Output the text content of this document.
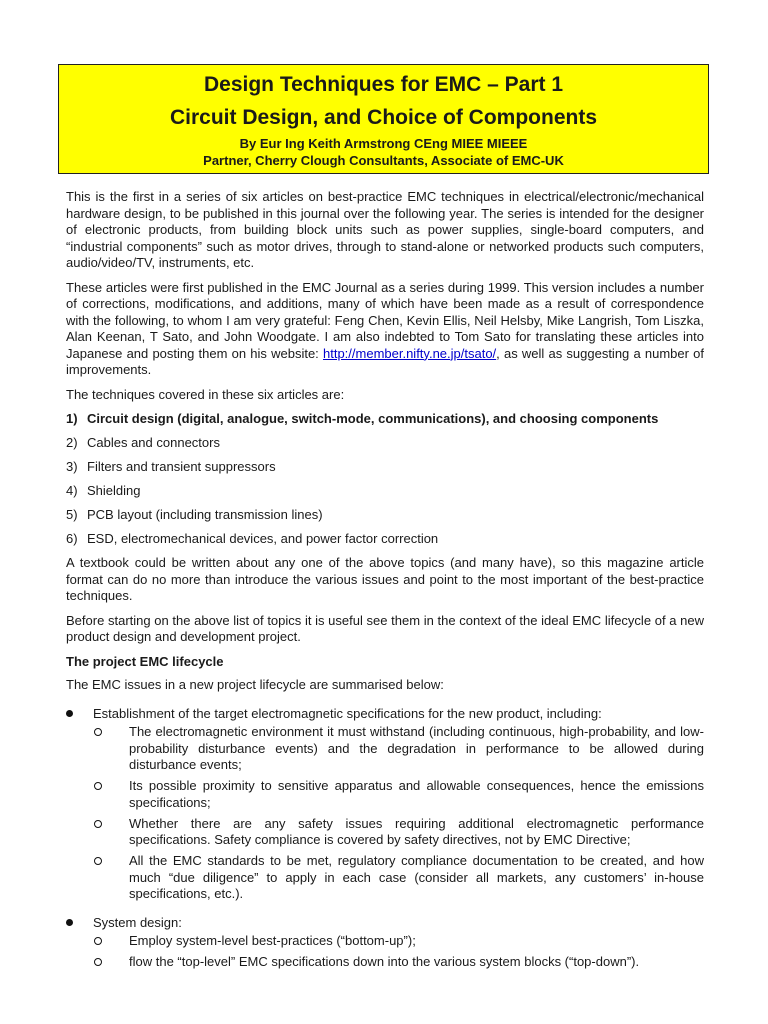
Design Techniques for EMC – Part 1
Circuit Design, and Choice of Components
By Eur Ing Keith Armstrong CEng MIEE MIEEE
Partner, Cherry Clough Consultants, Associate of EMC-UK

This is the first in a series of six articles on best-practice EMC techniques in electrical/electronic/mechanical hardware design, to be published in this journal over the following year. The series is intended for the designer of electronic products, from building block units such as power supplies, single-board computers, and “industrial components” such as motor drives, through to stand-alone or networked products such computers, audio/video/TV, instruments, etc.

These articles were first published in the EMC Journal as a series during 1999. This version includes a number of corrections, modifications, and additions, many of which have been made as a result of correspondence with the following, to whom I am very grateful: Feng Chen, Kevin Ellis, Neil Helsby, Mike Langrish, Tom Liszka, Alan Keenan, T Sato, and John Woodgate. I am also indebted to Tom Sato for translating these articles into Japanese and posting them on his website: http://member.nifty.ne.jp/tsato/, as well as suggesting a number of improvements.

The techniques covered in these six articles are:

1) Circuit design (digital, analogue, switch-mode, communications), and choosing components
2) Cables and connectors
3) Filters and transient suppressors
4) Shielding
5) PCB layout (including transmission lines)
6) ESD, electromechanical devices, and power factor correction

A textbook could be written about any one of the above topics (and many have), so this magazine article format can do no more than introduce the various issues and point to the most important of the best-practice techniques.

Before starting on the above list of topics it is useful see them in the context of the ideal EMC lifecycle of a new product design and development project.

The project EMC lifecycle

The EMC issues in a new project lifecycle are summarised below:

Establishment of the target electromagnetic specifications for the new product, including:
The electromagnetic environment it must withstand (including continuous, high-probability, and low-probability disturbance events) and the degradation in performance to be allowed during disturbance events;
Its possible proximity to sensitive apparatus and allowable consequences, hence the emissions specifications;
Whether there are any safety issues requiring additional electromagnetic performance specifications. Safety compliance is covered by safety directives, not by EMC Directive;
All the EMC standards to be met, regulatory compliance documentation to be created, and how much “due diligence” to apply in each case (consider all markets, any customers’ in-house specifications, etc.).
System design:
Employ system-level best-practices (“bottom-up”);
flow the “top-level” EMC specifications down into the various system blocks (“top-down”).
